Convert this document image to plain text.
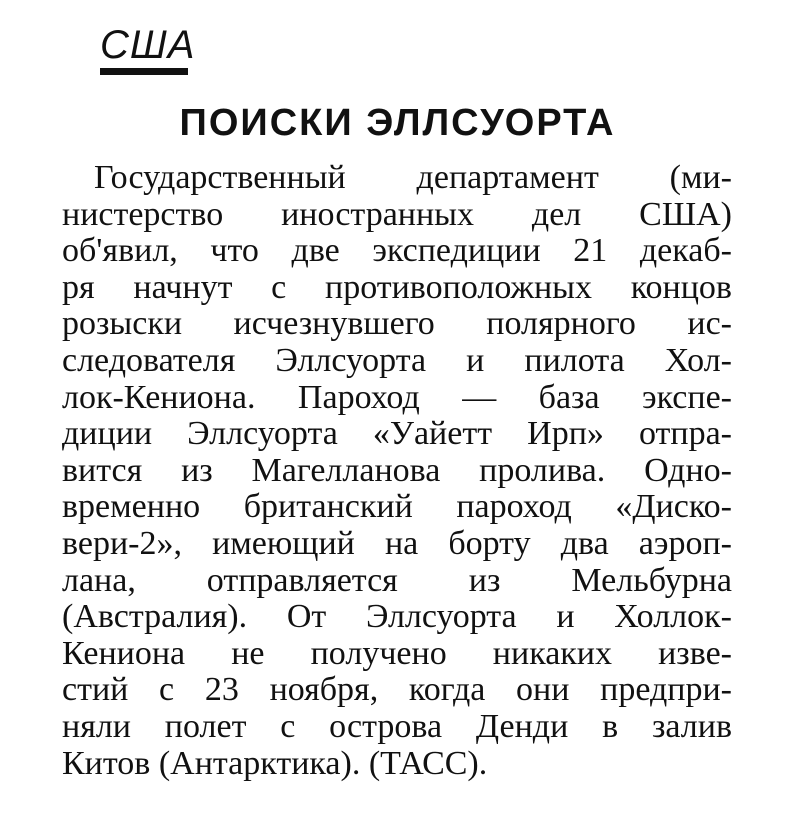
США
ПОИСКИ ЭЛЛСУОРТА
Государственный департамент (ми-
нистерство иностранных дел США)
об'явил, что две экспедиции 21 декаб-
ря начнут с противоположных концов
розыски исчезнувшего полярного ис-
следователя Эллсуорта и пилота Хол-
лок-Кениона. Пароход — база экспе-
диции Эллсуорта «Уайетт Ирп» отпра-
вится из Магелланова пролива. Одно-
временно британский пароход «Диско-
вери-2», имеющий на борту два аэроп-
лана, отправляется из Мельбурна
(Австралия). От Эллсуорта и Холлок-
Кениона не получено никаких изве-
стий с 23 ноября, когда они предпри-
няли полет с острова Денди в залив
Китов (Антарктика). (ТАСС).
